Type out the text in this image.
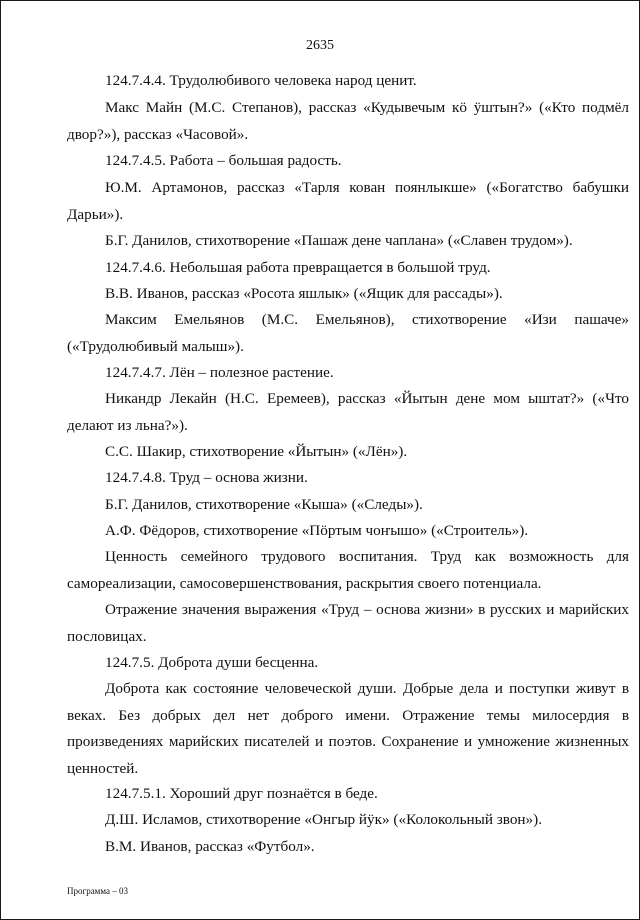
2635

124.7.4.4. Трудолюбивого человека народ ценит.

Макс Майн (М.С. Степанов), рассказ «Кудывечым кӧ ӱштын?» («Кто подмёл двор?»), рассказ «Часовой».

124.7.4.5. Работа – большая радость.

Ю.М. Артамонов, рассказ «Тарля кован поянлыкше» («Богатство бабушки Дарьи»).

Б.Г. Данилов, стихотворение «Пашаж дене чаплана» («Славен трудом»).

124.7.4.6. Небольшая работа превращается в большой труд.

В.В. Иванов, рассказ «Росота яшлык» («Ящик для рассады»).

Максим Емельянов (М.С. Емельянов), стихотворение «Изи пашаче» («Трудолюбивый малыш»).

124.7.4.7. Лён – полезное растение.

Никандр Лекайн (Н.С. Еремеев), рассказ «Йытын дене мом ыштат?» («Что делают из льна?»).

С.С. Шакир, стихотворение «Йытын» («Лён»).

124.7.4.8. Труд – основа жизни.

Б.Г. Данилов, стихотворение «Кыша» («Следы»).

А.Ф. Фёдоров, стихотворение «Пӧртым чоҥышо» («Строитель»).

Ценность семейного трудового воспитания. Труд как возможность для самореализации, самосовершенствования, раскрытия своего потенциала.

Отражение значения выражения «Труд – основа жизни» в русских и марийских пословицах.

124.7.5. Доброта души бесценна.

Доброта как состояние человеческой души. Добрые дела и поступки живут в веках. Без добрых дел нет доброго имени. Отражение темы милосердия в произведениях марийских писателей и поэтов. Сохранение и умножение жизненных ценностей.

124.7.5.1. Хороший друг познаётся в беде.

Д.Ш. Исламов, стихотворение «Онгыр йӱк» («Колокольный звон»).

В.М. Иванов, рассказ «Футбол».

Программа – 03
